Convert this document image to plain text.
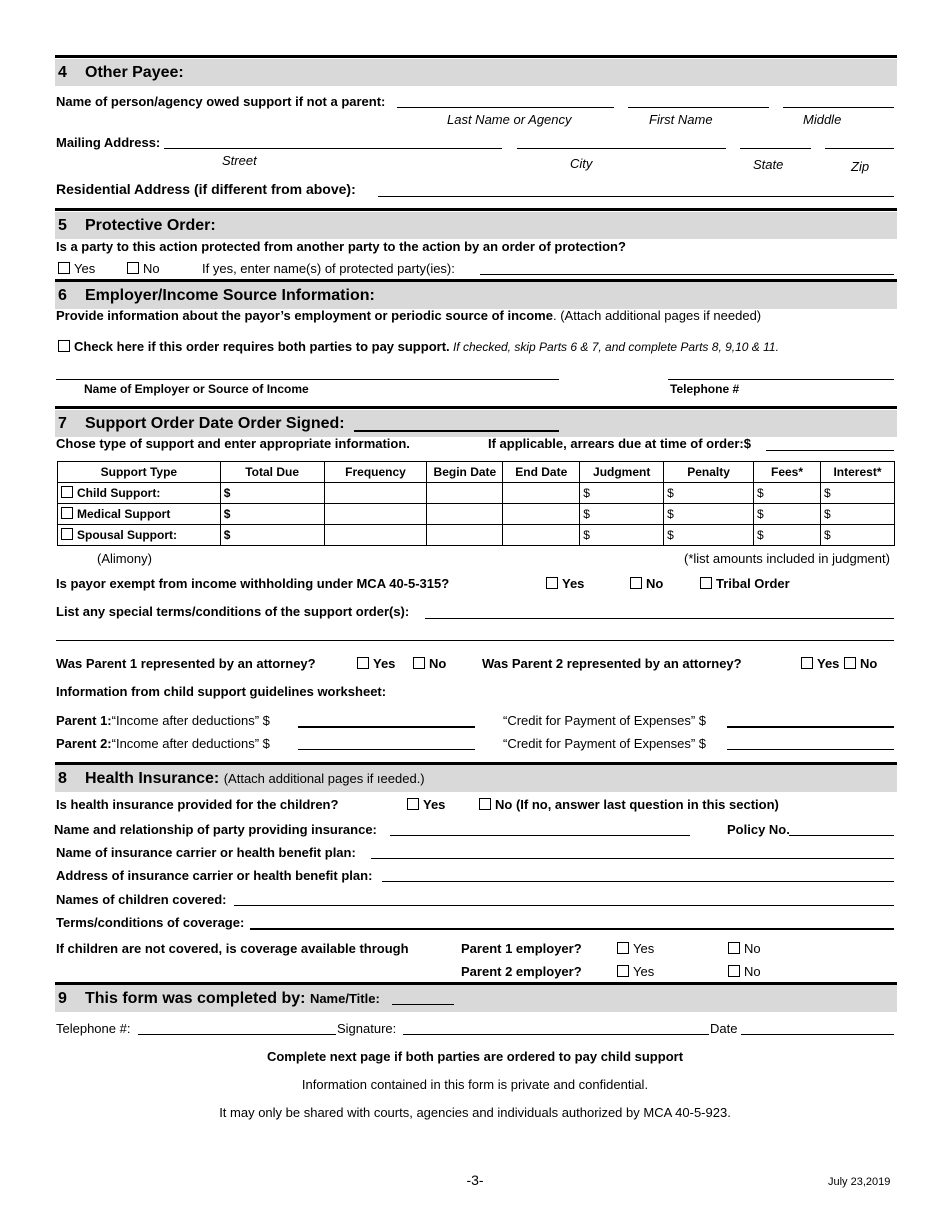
4 Other Payee:
Name of person/agency owed support if not a parent:
Last Name or Agency	First Name	Middle
Mailing Address:
Street	City	State	Zip
Residential Address (if different from above):
5 Protective Order:
Is a party to this action protected from another party to the action by an order of protection?
Yes	No	If yes, enter name(s) of protected party(ies):
6 Employer/Income Source Information:
Provide information about the payor’s employment or periodic source of income. (Attach additional pages if needed)
Check here if this order requires both parties to pay support. If checked, skip Parts 6 & 7, and complete Parts 8, 9,10 & 11.
Name of Employer or Source of Income	Telephone #
7 Support Order Date Order Signed:
Chose type of support and enter appropriate information.	If applicable, arrears due at time of order:$
Support Type	Total Due	Frequency	Begin Date	End Date	Judgment	Penalty	Fees*	Interest*
Child Support:	$				$	$	$	$
Medical Support	$				$	$	$	$
Spousal Support:	$				$	$	$	$
(Alimony)	(*list amounts included in judgment)
Is payor exempt from income withholding under MCA 40-5-315?	Yes	No	Tribal Order
List any special terms/conditions of the support order(s):
Was Parent 1 represented by an attorney?	Yes	No	Was Parent 2 represented by an attorney?	Yes	No
Information from child support guidelines worksheet:
Parent 1:“Income after deductions” $	“Credit for Payment of Expenses” $
Parent 2:“Income after deductions” $	“Credit for Payment of Expenses” $
8 Health Insurance: (Attach additional pages if ıeeded.)
Is health insurance provided for the children?	Yes	No (If no, answer last question in this section)
Name and relationship of party providing insurance:	Policy No.
Name of insurance carrier or health benefit plan:
Address of insurance carrier or health benefit plan:
Names of children covered:
Terms/conditions of coverage:
If children are not covered, is coverage available through	Parent 1 employer?	Yes	No
Parent 2 employer?	Yes	No
9 This form was completed by: Name/Title:
Telephone #:	Signature:	Date
Complete next page if both parties are ordered to pay child support
Information contained in this form is private and confidential.
It may only be shared with courts, agencies and individuals authorized by MCA 40-5-923.
-3-	July 23,2019
